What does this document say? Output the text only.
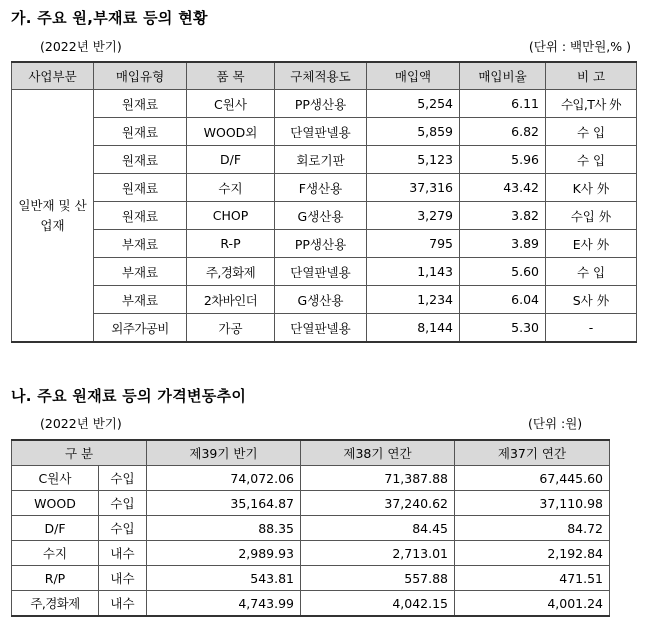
가. 주요 원,부재료 등의 현황
(2022년 반기)	(단위 : 백만원,% )
사업부문	매입유형	품 목	구체적용도	매입액	매입비율	비 고
일반재 및 산업재	원재료	C원사	PP생산용	5,254	6.11	수입,T사 外
	원재료	WOOD외	단열판넬용	5,859	6.82	수 입
	원재료	D/F	회로기판	5,123	5.96	수 입
	원재료	수지	F생산용	37,316	43.42	K사 外
	원재료	CHOP	G생산용	3,279	3.82	수입 外
	부재료	R-P	PP생산용	795	3.89	E사 外
	부재료	주,경화제	단열판넬용	1,143	5.60	수 입
	부재료	2차바인더	G생산용	1,234	6.04	S사 外
	외주가공비	가공	단열판넬용	8,144	5.30	-
나. 주요 원재료 등의 가격변동추이
(2022년 반기)	(단위 :원)
구 분		제39기 반기	제38기 연간	제37기 연간
C원사	수입	74,072.06	71,387.88	67,445.60
WOOD	수입	35,164.87	37,240.62	37,110.98
D/F	수입	88.35	84.45	84.72
수지	내수	2,989.93	2,713.01	2,192.84
R/P	내수	543.81	557.88	471.51
주,경화제	내수	4,743.99	4,042.15	4,001.24
